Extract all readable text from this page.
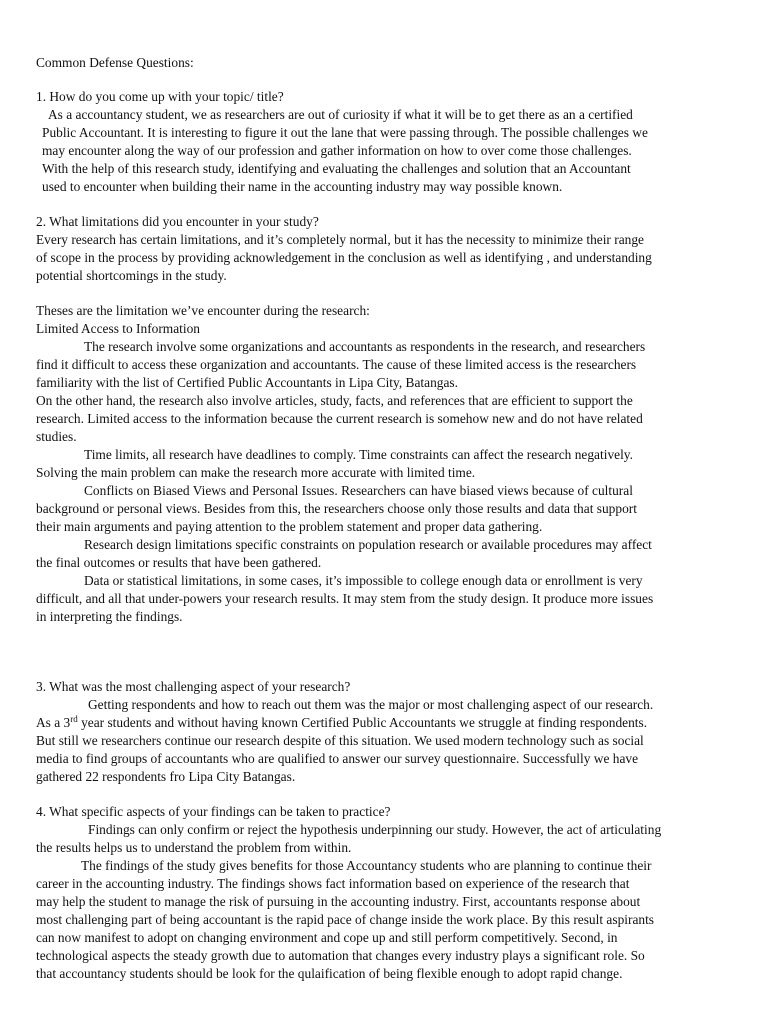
Common Defense Questions:
1. How do you come up with your topic/ title?
As a accountancy student, we as researchers are out of curiosity if what it will be to get there as an a certified
Public Accountant. It is interesting to figure it out the lane that were passing through. The possible challenges we
may encounter along the way of our profession and gather information on how to over come those challenges.
With the help of this research study, identifying and evaluating the challenges and solution that an Accountant
used to encounter when building their name in the accounting industry may way possible known.
2. What limitations did you encounter in your study?
Every research has certain limitations, and it’s completely normal, but it has the necessity to minimize their range
of scope in the process by providing acknowledgement in the conclusion as well as identifying , and understanding
potential shortcomings in the study.
Theses are the limitation we’ve encounter during the research:
Limited Access to Information
The research involve some organizations and accountants as respondents in the research, and researchers
find it difficult to access these organization and accountants. The cause of these limited access is the researchers
familiarity with the list of Certified Public Accountants in Lipa City, Batangas.
On the other hand, the research also involve articles, study, facts, and references that are efficient to support the
research. Limited access to the information because the current research is somehow new and do not have related
studies.
Time limits, all research have deadlines to comply. Time constraints can affect the research negatively.
Solving the main problem can make the research more accurate with limited time.
Conflicts on Biased Views and Personal Issues. Researchers can have biased views because of cultural
background or personal views. Besides from this, the researchers choose only those results and data that support
their main arguments and paying attention to the problem statement and proper data gathering.
Research design limitations specific constraints on population research or available procedures may affect
the final outcomes or results that have been gathered.
Data or statistical limitations, in some cases, it’s impossible to college enough data or enrollment is very
difficult, and all that under-powers your research results. It may stem from the study design. It produce more issues
in interpreting the findings.
3. What was the most challenging aspect of your research?
Getting respondents and how to reach out them was the major or most challenging aspect of our research.
As a 3rd year students and without having known Certified Public Accountants we struggle at finding respondents.
But still we researchers continue our research despite of this situation. We used modern technology such as social
media to find groups of accountants who are qualified to answer our survey questionnaire. Successfully we have
gathered 22 respondents fro Lipa City Batangas.
4. What specific aspects of your findings can be taken to practice?
Findings can only confirm or reject the hypothesis underpinning our study. However, the act of articulating
the results helps us to understand the problem from within.
The findings of the study gives benefits for those Accountancy students who are planning to continue their
career in the accounting industry. The findings shows fact information based on experience of the research that
may help the student to manage the risk of pursuing in the accounting industry. First, accountants response about
most challenging part of being accountant is the rapid pace of change inside the work place. By this result aspirants
can now manifest to adopt on changing environment and cope up and still perform competitively. Second, in
technological aspects the steady growth due to automation that changes every industry plays a significant role. So
that accountancy students should be look for the qulaification of being flexible enough to adopt rapid change.
